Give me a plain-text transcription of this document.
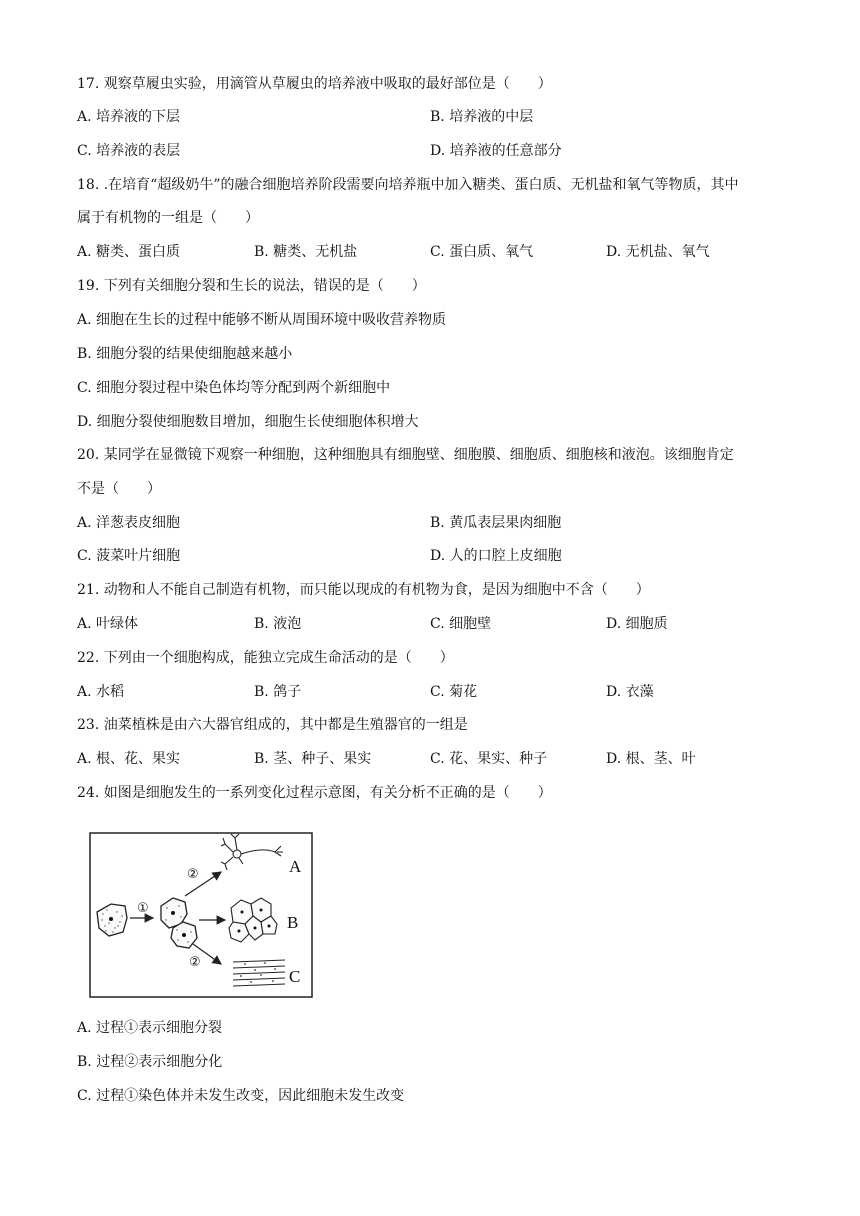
17. 观察草履虫实验，用滴管从草履虫的培养液中吸取的最好部位是（　　）
A. 培养液的下层	B. 培养液的中层
C. 培养液的表层	D. 培养液的任意部分
18. .在培育“超级奶牛”的融合细胞培养阶段需要向培养瓶中加入糖类、蛋白质、无机盐和氧气等物质，其中
属于有机物的一组是（　　）
A. 糖类、蛋白质	B. 糖类、无机盐	C. 蛋白质、氧气	D. 无机盐、氧气
19. 下列有关细胞分裂和生长的说法，错误的是（　　）
A. 细胞在生长的过程中能够不断从周围环境中吸收营养物质
B. 细胞分裂的结果使细胞越来越小
C. 细胞分裂过程中染色体均等分配到两个新细胞中
D. 细胞分裂使细胞数目增加，细胞生长使细胞体积增大
20. 某同学在显微镜下观察一种细胞，这种细胞具有细胞壁、细胞膜、细胞质、细胞核和液泡。该细胞肯定
不是（　　）
A. 洋葱表皮细胞	B. 黄瓜表层果肉细胞
C. 菠菜叶片细胞	D. 人的口腔上皮细胞
21. 动物和人不能自己制造有机物，而只能以现成的有机物为食，是因为细胞中不含（　　）
A. 叶绿体	B. 液泡	C. 细胞壁	D. 细胞质
22. 下列由一个细胞构成，能独立完成生命活动的是（　　）
A. 水稻	B. 鸽子	C. 菊花	D. 衣藻
23. 油菜植株是由六大器官组成的，其中都是生殖器官的一组是
A. 根、花、果实	B. 茎、种子、果实	C. 花、果实、种子	D. 根、茎、叶
24. 如图是细胞发生的一系列变化过程示意图，有关分析不正确的是（　　）
①
②	A
B
②
C
A. 过程①表示细胞分裂
B. 过程②表示细胞分化
C. 过程①染色体并未发生改变，因此细胞未发生改变
